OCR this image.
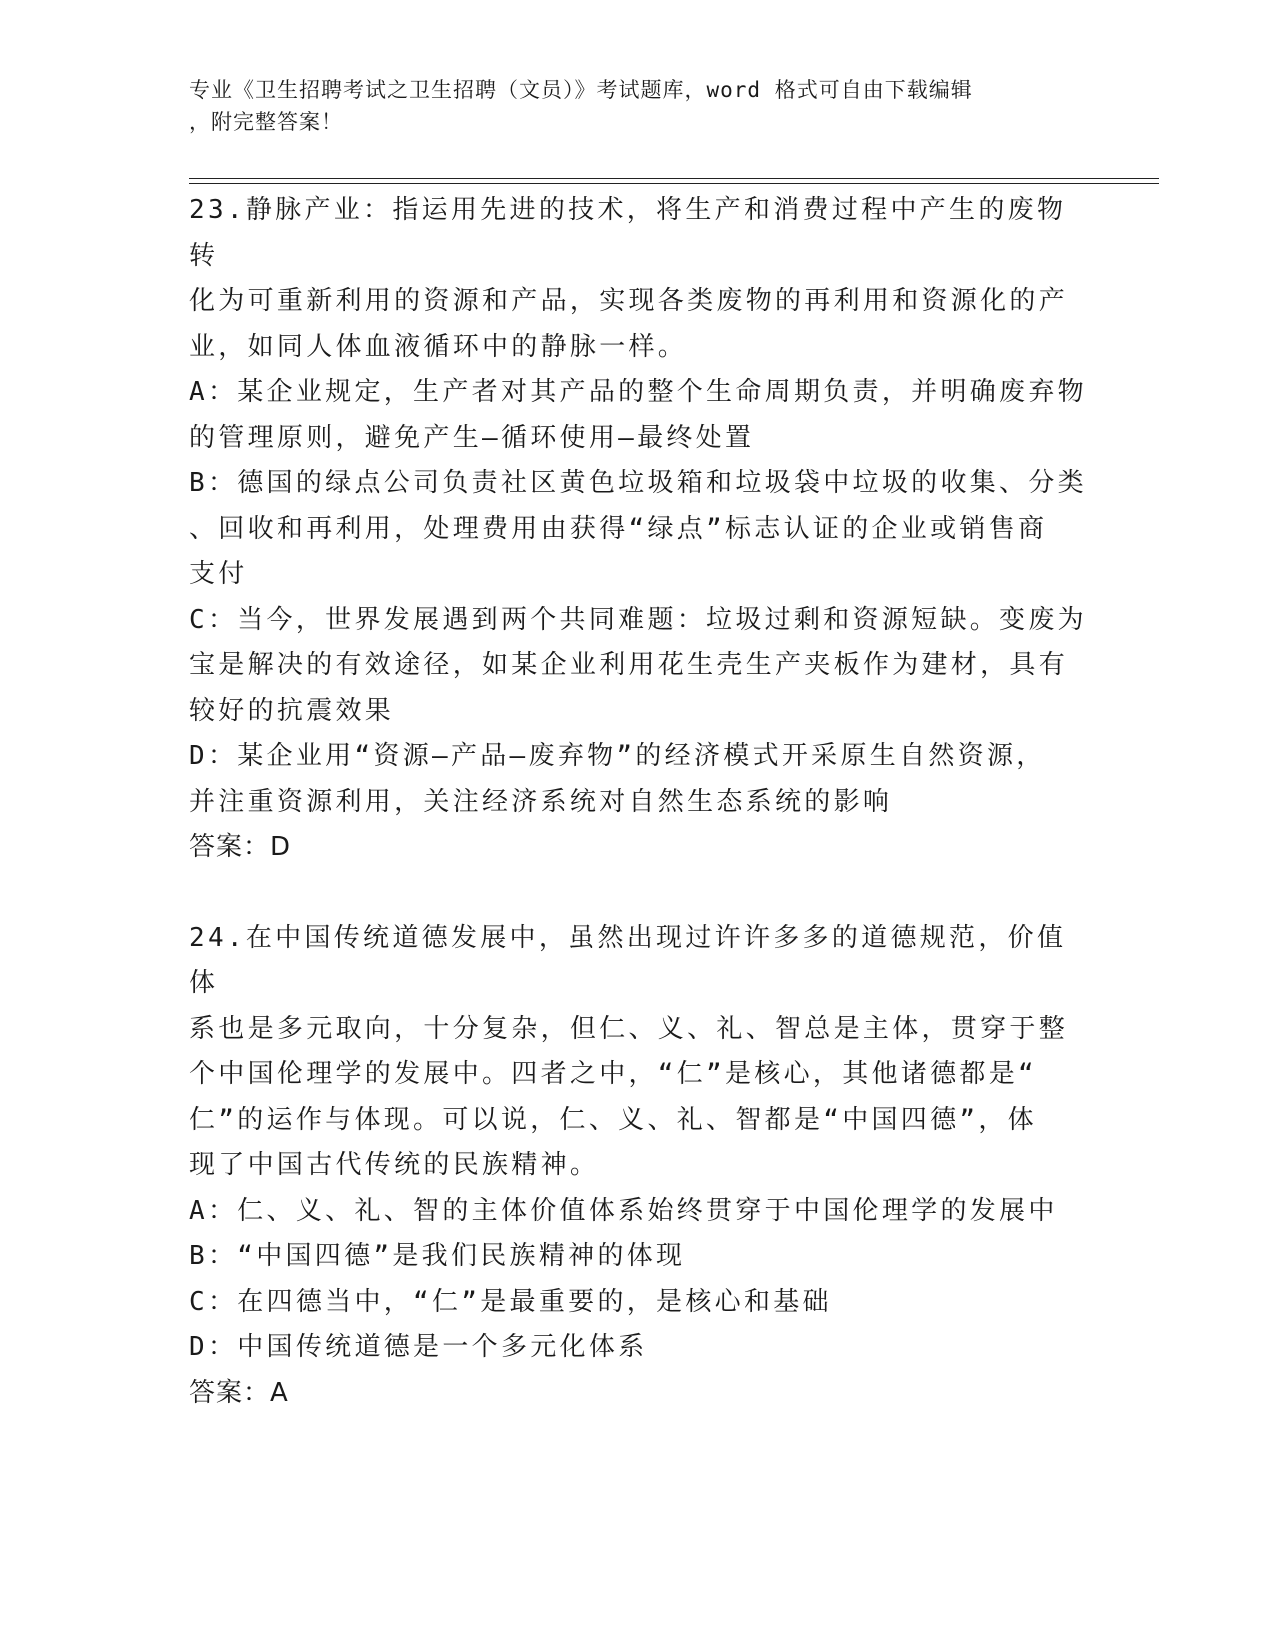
专业《卫生招聘考试之卫生招聘（文员）》考试题库，word 格式可自由下载编辑
，附完整答案！

23.静脉产业：指运用先进的技术，将生产和消费过程中产生的废物转

化为可重新利用的资源和产品，实现各类废物的再利用和资源化的产

业，如同人体血液循环中的静脉一样。

A：某企业规定，生产者对其产品的整个生命周期负责，并明确废弃物

的管理原则，避免产生—循环使用—最终处置

B：德国的绿点公司负责社区黄色垃圾箱和垃圾袋中垃圾的收集、分类

、回收和再利用，处理费用由获得“绿点”标志认证的企业或销售商

支付

C：当今，世界发展遇到两个共同难题：垃圾过剩和资源短缺。变废为

宝是解决的有效途径，如某企业利用花生壳生产夹板作为建材，具有

较好的抗震效果

D：某企业用“资源—产品—废弃物”的经济模式开采原生自然资源，

并注重资源利用，关注经济系统对自然生态系统的影响

答案：D

24.在中国传统道德发展中，虽然出现过许许多多的道德规范，价值体

系也是多元取向，十分复杂，但仁、义、礼、智总是主体，贯穿于整

个中国伦理学的发展中。四者之中，“仁”是核心，其他诸德都是“

仁”的运作与体现。可以说，仁、义、礼、智都是“中国四德”，体

现了中国古代传统的民族精神。

A：仁、义、礼、智的主体价值体系始终贯穿于中国伦理学的发展中

B：“中国四德”是我们民族精神的体现

C：在四德当中，“仁”是最重要的，是核心和基础

D：中国传统道德是一个多元化体系

答案：A
